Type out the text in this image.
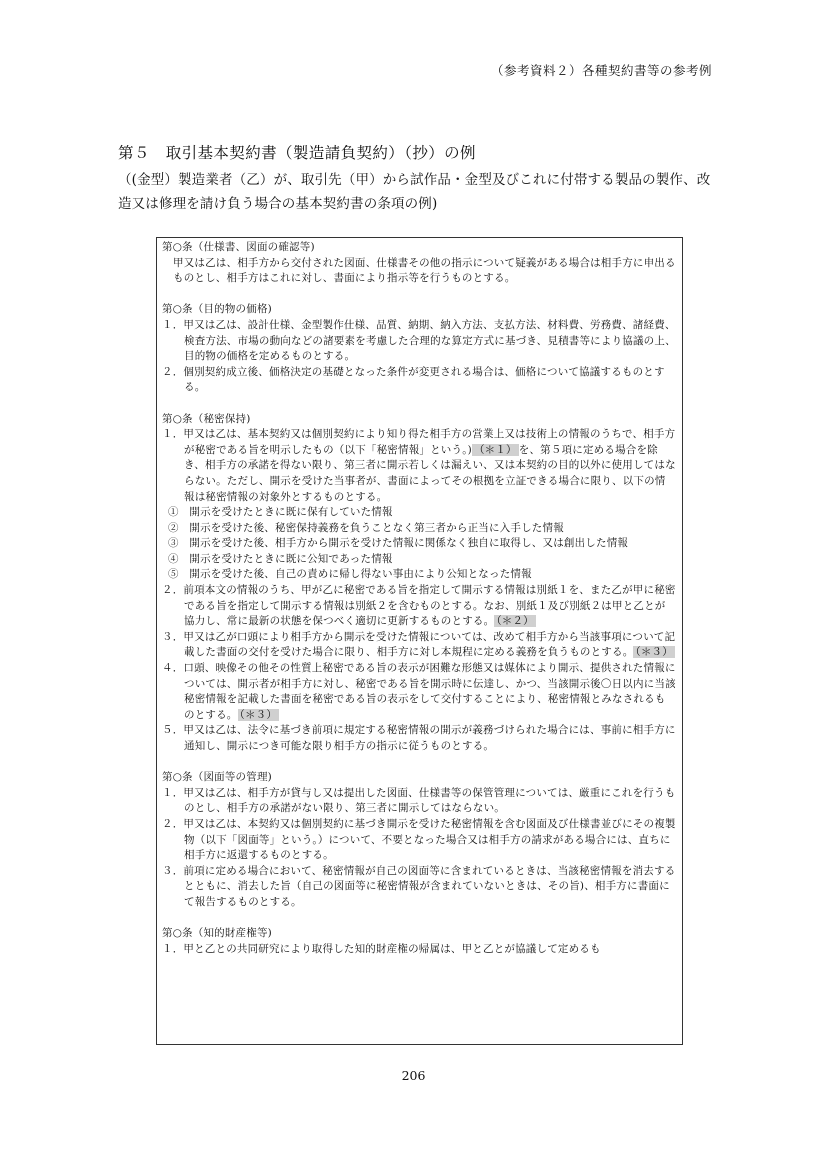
（参考資料２）各種契約書等の参考例
第５　取引基本契約書（製造請負契約）（抄）の例
（(金型）製造業者（乙）が、取引先（甲）から試作品・金型及びこれに付帯する製品の製作、改造又は修理を請け負う場合の基本契約書の条項の例)
第○条（仕様書、図面の確認等)

甲又は乙は、相手方から交付された図面、仕様書その他の指示について疑義がある場合は相手方に申出るものとし、相手方はこれに対し、書面により指示等を行うものとする。

第○条（目的物の価格)

１．甲又は乙は、設計仕様、金型製作仕様、品質、納期、納入方法、支払方法、材料費、労務費、諸経費、検査方法、市場の動向などの諸要素を考慮した合理的な算定方式に基づき、見積書等により協議の上、目的物の価格を定めるものとする。

２．個別契約成立後、価格決定の基礎となった条件が変更される場合は、価格について協議するものとする。

第○条（秘密保持)

１．甲又は乙は、基本契約又は個別契約により知り得た相手方の営業上又は技術上の情報のうちで、相手方が秘密である旨を明示したもの（以下「秘密情報」という。) （＊１） を、第５項に定める場合を除き、相手方の承諾を得ない限り、第三者に開示若しくは漏えい、又は本契約の目的以外に使用してはならない。ただし、開示を受けた当事者が、書面によってその根拠を立証できる場合に限り、以下の情報は秘密情報の対象外とするものとする。

①　開示を受けたときに既に保有していた情報

②　開示を受けた後、秘密保持義務を負うことなく第三者から正当に入手した情報

③　開示を受けた後、相手方から開示を受けた情報に関係なく独自に取得し、又は創出した情報

④　開示を受けたときに既に公知であった情報

⑤　開示を受けた後、自己の責めに帰し得ない事由により公知となった情報

２．前項本文の情報のうち、甲が乙に秘密である旨を指定して開示する情報は別紙１を、また乙が甲に秘密である旨を指定して開示する情報は別紙２を含むものとする。なお、別紙１及び別紙２は甲と乙とが協力し、常に最新の状態を保つべく適切に更新するものとする。 （＊２）

３．甲又は乙が口頭により相手方から開示を受けた情報については、改めて相手方から当該事項について記載した書面の交付を受けた場合に限り、相手方に対し本規程に定める義務を負うものとする。 （＊３）

４．口頭、映像その他その性質上秘密である旨の表示が困難な形態又は媒体により開示、提供された情報については、開示者が相手方に対し、秘密である旨を開示時に伝達し、かつ、当該開示後〇日以内に当該秘密情報を記載した書面を秘密である旨の表示をして交付することにより、秘密情報とみなされるものとする。 （＊３）

５．甲又は乙は、法令に基づき前項に規定する秘密情報の開示が義務づけられた場合には、事前に相手方に通知し、開示につき可能な限り相手方の指示に従うものとする。

第○条（図面等の管理)

１．甲又は乙は、相手方が貸与し又は提出した図面、仕様書等の保管管理については、厳重にこれを行うものとし、相手方の承諾がない限り、第三者に開示してはならない。

２．甲又は乙は、本契約又は個別契約に基づき開示を受けた秘密情報を含む図面及び仕様書並びにその複製物（以下「図面等」という。）について、不要となった場合又は相手方の請求がある場合には、直ちに相手方に返還するものとする。

３．前項に定める場合において、秘密情報が自己の図面等に含まれているときは、当該秘密情報を消去するとともに、消去した旨（自己の図面等に秘密情報が含まれていないときは、その旨)、相手方に書面にて報告するものとする。

第○条（知的財産権等)

１．甲と乙との共同研究により取得した知的財産権の帰属は、甲と乙とが協議して定めるも

206
